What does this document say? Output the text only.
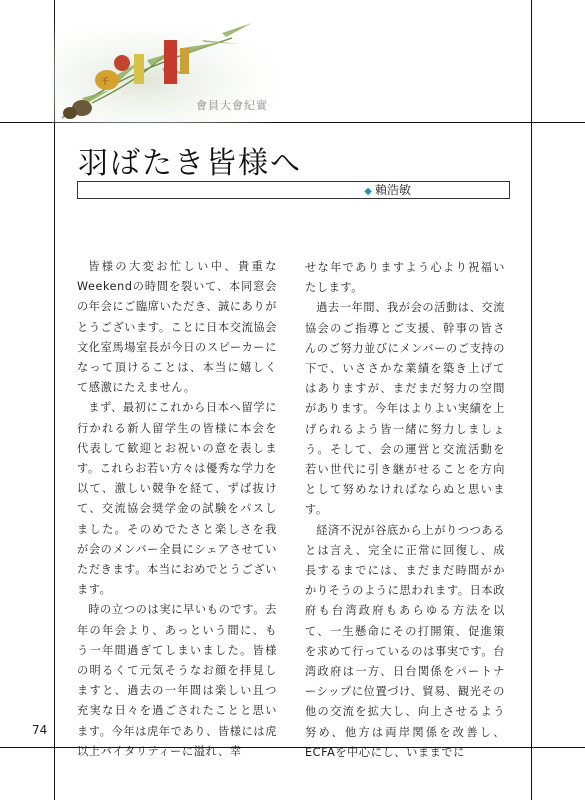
千
會員大會紀實
羽ばたき皆様へ
◆ 賴浩敏

皆様の大変お忙しい中、貴重なWeekendの時間を裂いて、本同窓会の年会にご臨席いただき、誠にありがとうございます。ことに日本交流協会文化室馬場室長が今日のスピーカーになって頂けることは、本当に嬉しくて感激にたえません。

まず、最初にこれから日本へ留学に行かれる新人留学生の皆様に本会を代表して歓迎とお祝いの意を表します。これらお若い方々は優秀な学力を以て、激しい競争を経て、ずば抜けて、交流協会奨学金の試験をパスしました。そのめでたさと楽しさを我が会のメンバー全員にシェアさせていただきます。本当におめでとうございます。

時の立つのは実に早いものです。去年の年会より、あっという間に、もう一年間過ぎてしまいました。皆様の明るくて元気そうなお顔を拝見しますと、過去の一年間は楽しい且つ充実な日々を過ごされたことと思います。今年は虎年であり、皆様には虎以上バイタリティーに溢れ、幸

せな年でありますよう心より祝福いたします。

過去一年間、我が会の活動は、交流協会のご指導とご支援、幹事の皆さんのご努力並びにメンバーのご支持の下で、いささかな業績を築き上げてはありますが、まだまだ努力の空間があります。今年はよりよい実績を上げられるよう皆一緒に努力しましょう。そして、会の運営と交流活動を若い世代に引き継がせることを方向として努めなければならぬと思います。

経済不況が谷底から上がりつつあるとは言え、完全に正常に回復し、成長するまでには、まだまだ時間がかかりそうのように思われます。日本政府も台湾政府もあらゆる方法を以て、一生懸命にその打開策、促進策を求めて行っているのは事実です。台湾政府は一方、日台関係をパートナーシップに位置づけ、貿易、観光その他の交流を拡大し、向上させるよう努め、他方は両岸関係を改善し、ECFAを中心にし、いままでに

74
